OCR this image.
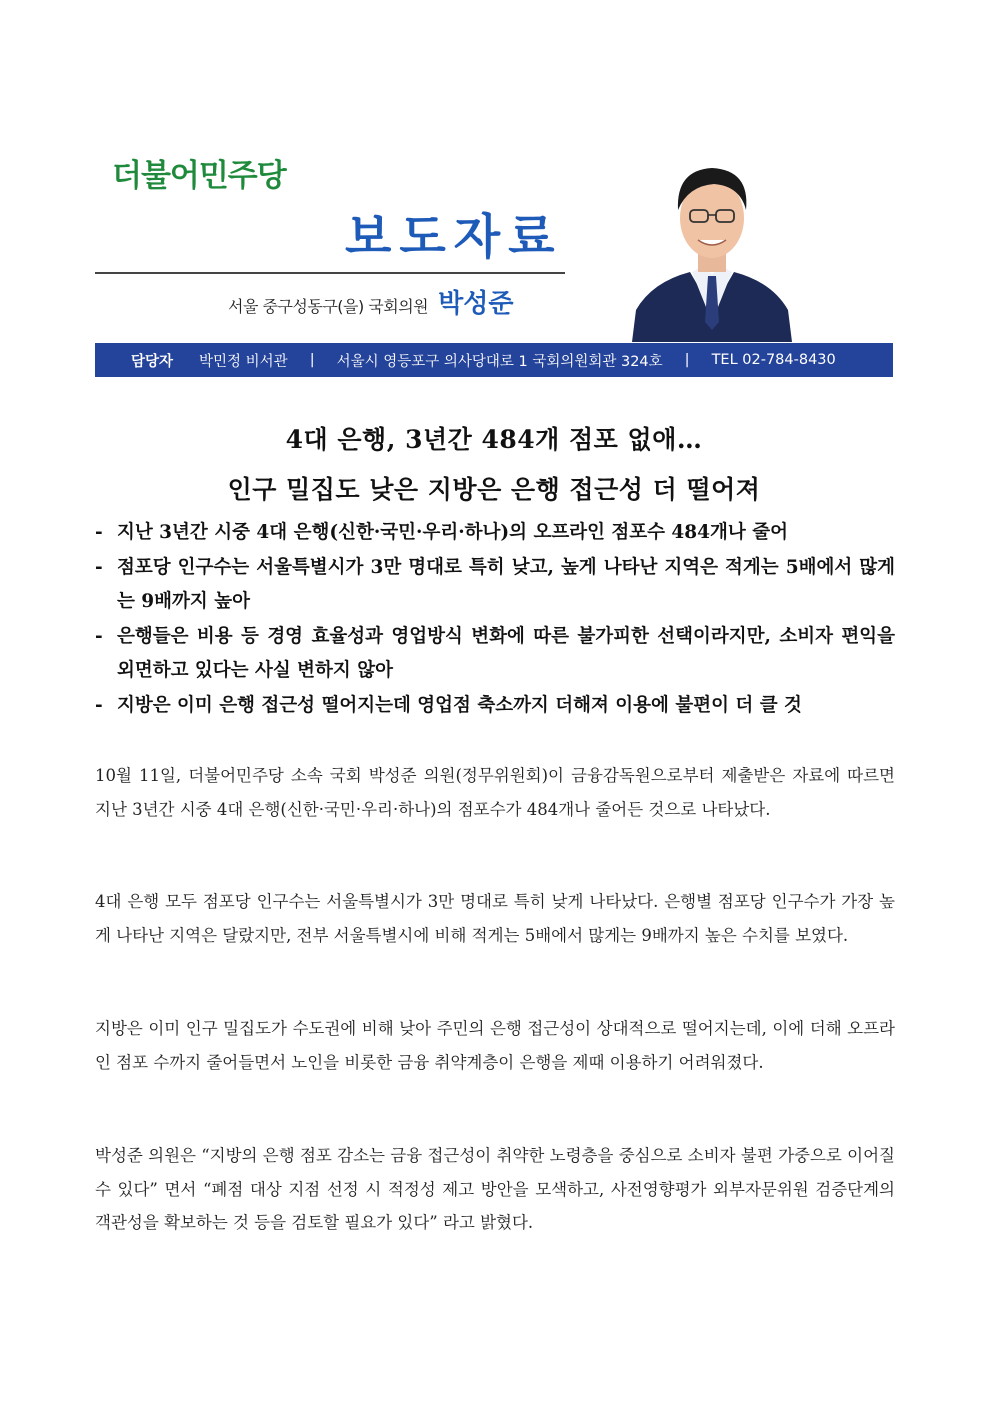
더불어민주당
보도자료
서울 중구성동구(을) 국회의원 박성준
담당자 박민정 비서관 | 서울시 영등포구 의사당대로 1 국회의원회관 324호 | TEL 02-784-8430
4대 은행, 3년간 484개 점포 없애…
인구 밀집도 낮은 지방은 은행 접근성 더 떨어져
- 지난 3년간 시중 4대 은행(신한·국민·우리·하나)의 오프라인 점포수 484개나 줄어
- 점포당 인구수는 서울특별시가 3만 명대로 특히 낮고, 높게 나타난 지역은 적게는 5배에서 많게는 9배까지 높아
- 은행들은 비용 등 경영 효율성과 영업방식 변화에 따른 불가피한 선택이라지만, 소비자 편익을 외면하고 있다는 사실 변하지 않아
- 지방은 이미 은행 접근성 떨어지는데 영업점 축소까지 더해져 이용에 불편이 더 클 것

10월 11일, 더불어민주당 소속 국회 박성준 의원(정무위원회)이 금융감독원으로부터 제출받은 자료에 따르면 지난 3년간 시중 4대 은행(신한·국민·우리·하나)의 점포수가 484개나 줄어든 것으로 나타났다.

4대 은행 모두 점포당 인구수는 서울특별시가 3만 명대로 특히 낮게 나타났다. 은행별 점포당 인구수가 가장 높게 나타난 지역은 달랐지만, 전부 서울특별시에 비해 적게는 5배에서 많게는 9배까지 높은 수치를 보였다.

지방은 이미 인구 밀집도가 수도권에 비해 낮아 주민의 은행 접근성이 상대적으로 떨어지는데, 이에 더해 오프라인 점포 수까지 줄어들면서 노인을 비롯한 금융 취약계층이 은행을 제때 이용하기 어려워졌다.

박성준 의원은 “지방의 은행 점포 감소는 금융 접근성이 취약한 노령층을 중심으로 소비자 불편 가중으로 이어질 수 있다” 면서 “폐점 대상 지점 선정 시 적정성 제고 방안을 모색하고, 사전영향평가 외부자문위원 검증단계의 객관성을 확보하는 것 등을 검토할 필요가 있다” 라고 밝혔다.
